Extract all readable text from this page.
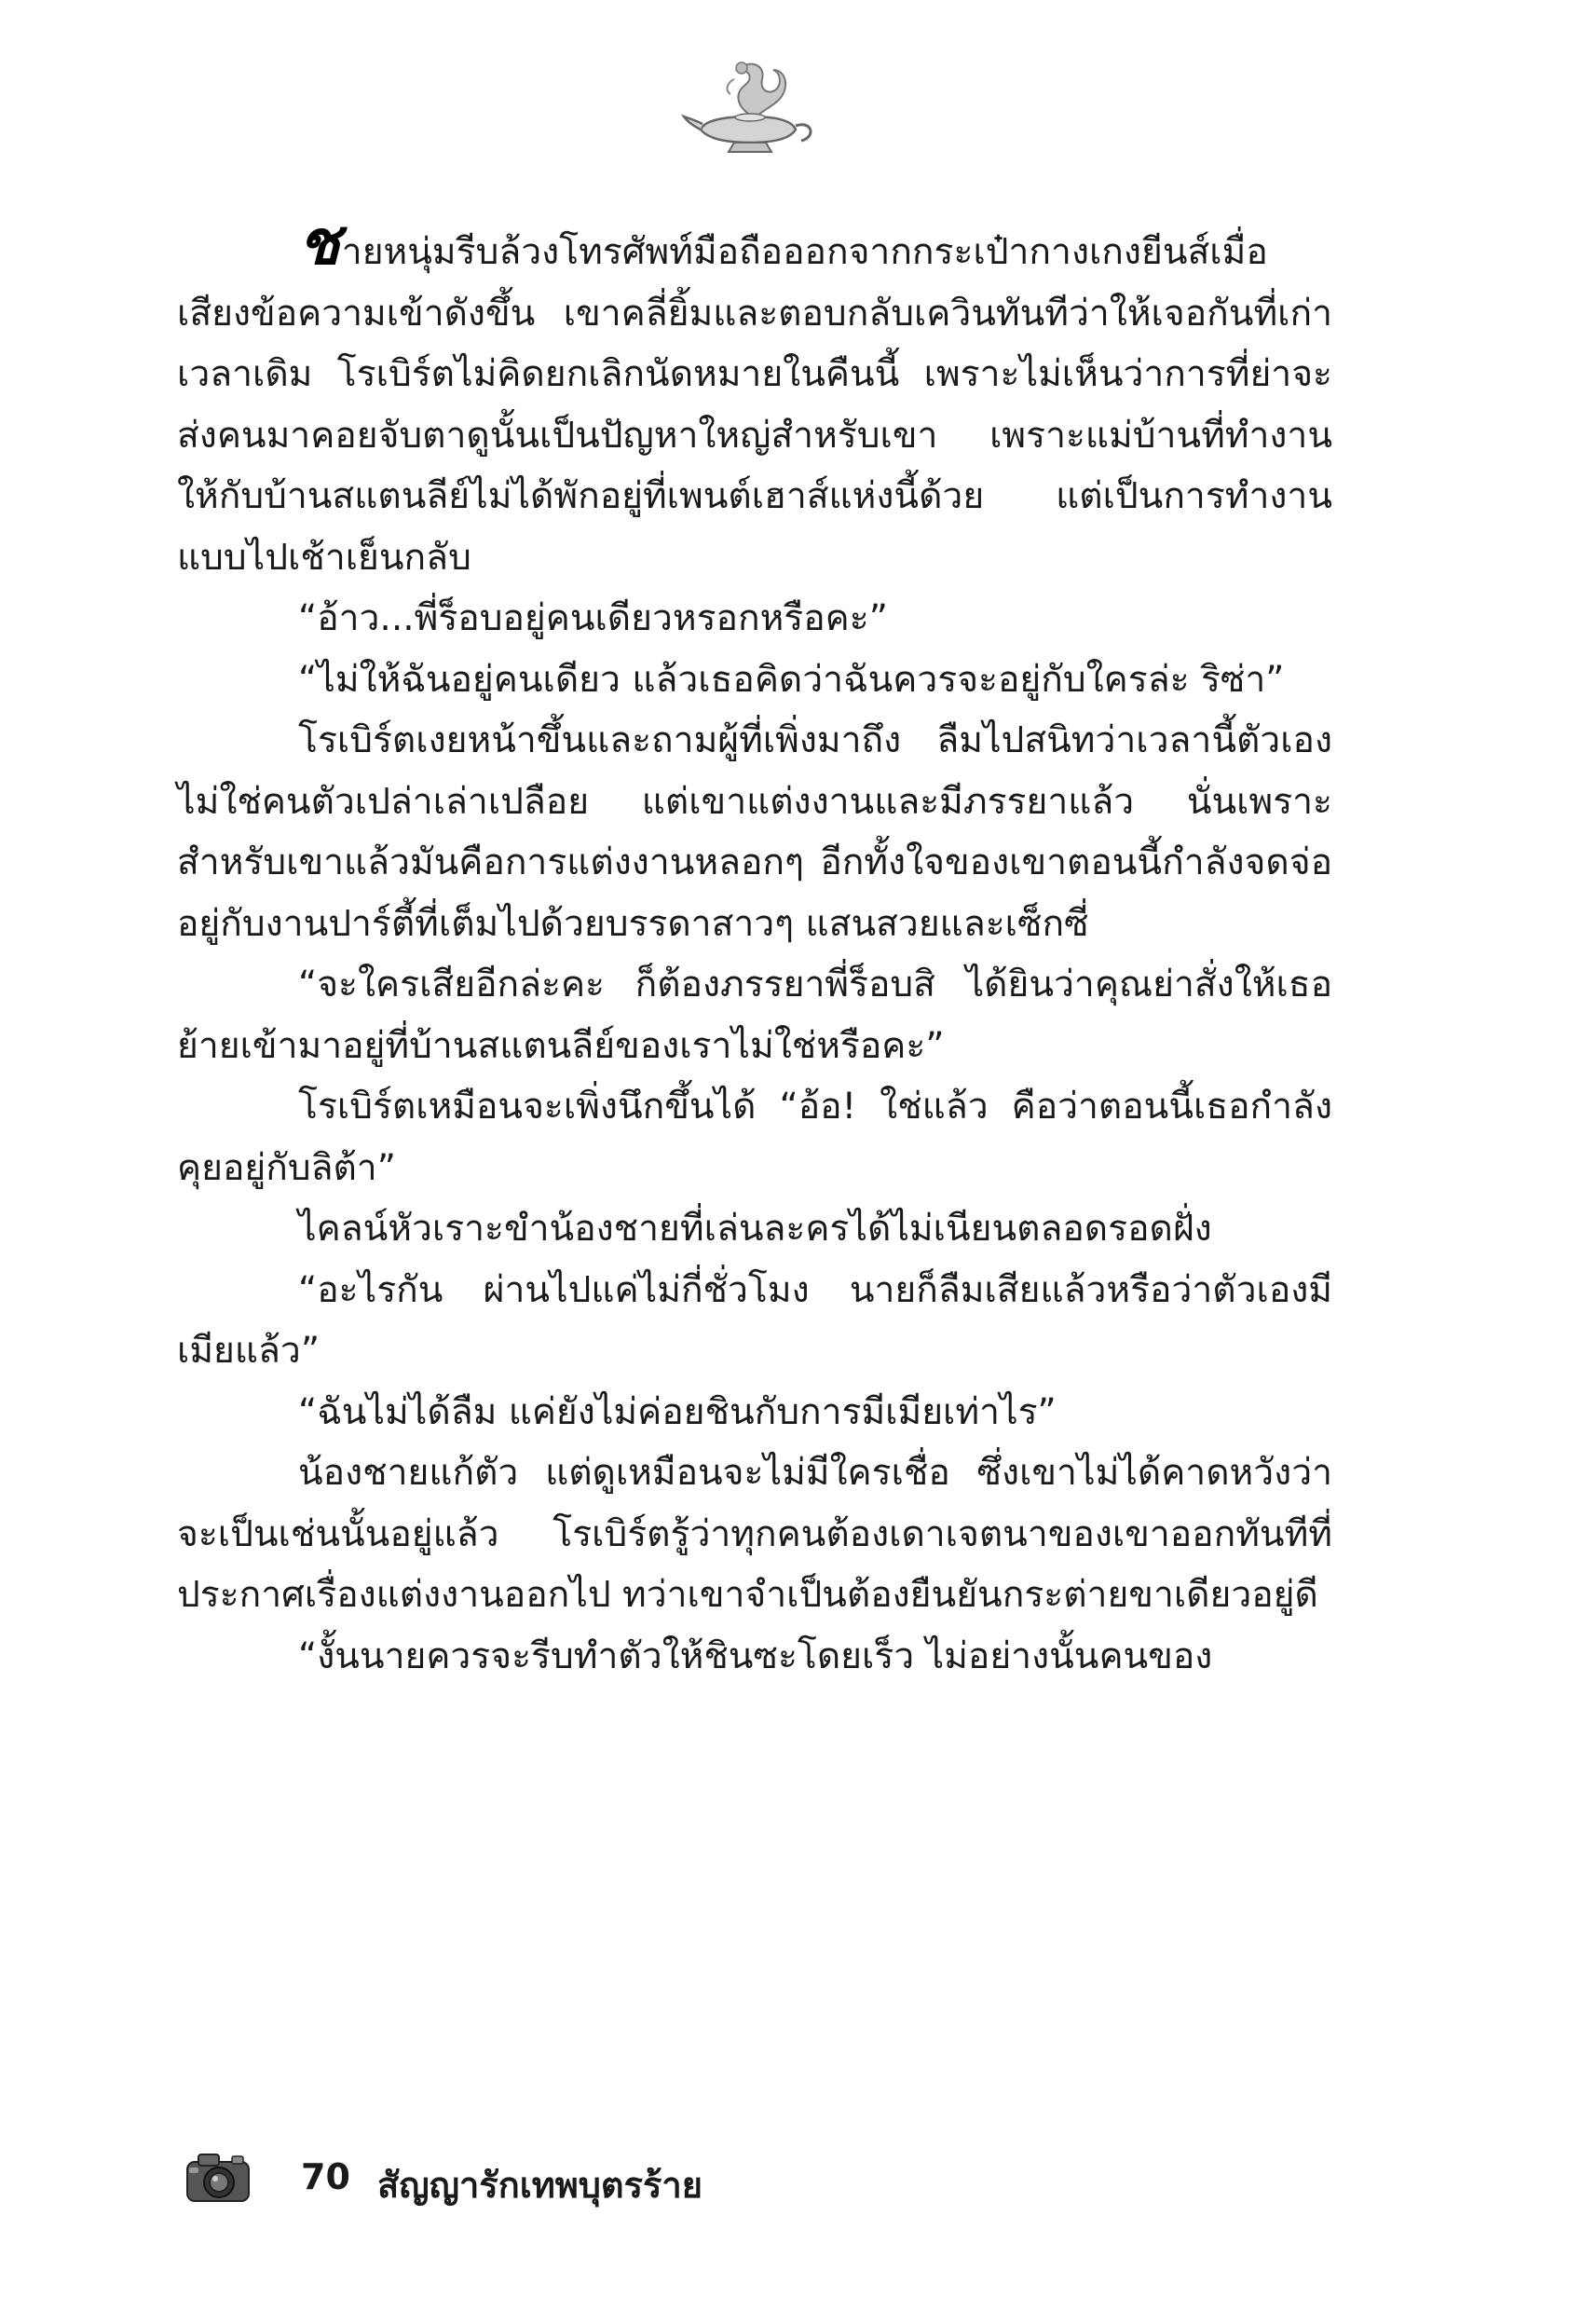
ชายหนุ่มรีบล้วงโทรศัพท์มือถือออกจากกระเป๋ากางเกงยีนส์เมื่อเสียงข้อความเข้าดังขึ้น เขาคลี่ยิ้มและตอบกลับเควินทันทีว่าให้เจอกันที่เก่าเวลาเดิม โรเบิร์ตไม่คิดยกเลิกนัดหมายในคืนนี้ เพราะไม่เห็นว่าการที่ย่าจะส่งคนมาคอยจับตาดูนั้นเป็นปัญหาใหญ่สำหรับเขา เพราะแม่บ้านที่ทำงานให้กับบ้านสแตนลีย์ไม่ได้พักอยู่ที่เพนต์เฮาส์แห่งนี้ด้วย แต่เป็นการทำงานแบบไปเช้าเย็นกลับ

“อ้าว...พี่ร็อบอยู่คนเดียวหรอกหรือคะ”

“ไม่ให้ฉันอยู่คนเดียว แล้วเธอคิดว่าฉันควรจะอยู่กับใครล่ะ ริซ่า”

โรเบิร์ตเงยหน้าขึ้นและถามผู้ที่เพิ่งมาถึง ลืมไปสนิทว่าเวลานี้ตัวเองไม่ใช่คนตัวเปล่าเล่าเปลือย แต่เขาแต่งงานและมีภรรยาแล้ว นั่นเพราะสำหรับเขาแล้วมันคือการแต่งงานหลอกๆ อีกทั้งใจของเขาตอนนี้กำลังจดจ่ออยู่กับงานปาร์ตี้ที่เต็มไปด้วยบรรดาสาวๆ แสนสวยและเซ็กซี่

“จะใครเสียอีกล่ะคะ ก็ต้องภรรยาพี่ร็อบสิ ได้ยินว่าคุณย่าสั่งให้เธอย้ายเข้ามาอยู่ที่บ้านสแตนลีย์ของเราไม่ใช่หรือคะ”

โรเบิร์ตเหมือนจะเพิ่งนึกขึ้นได้ “อ้อ! ใช่แล้ว คือว่าตอนนี้เธอกำลังคุยอยู่กับลิต้า”

ไคลน์หัวเราะขำน้องชายที่เล่นละครได้ไม่เนียนตลอดรอดฝั่ง

“อะไรกัน ผ่านไปแค่ไม่กี่ชั่วโมง นายก็ลืมเสียแล้วหรือว่าตัวเองมีเมียแล้ว”

“ฉันไม่ได้ลืม แค่ยังไม่ค่อยชินกับการมีเมียเท่าไร”

น้องชายแก้ตัว แต่ดูเหมือนจะไม่มีใครเชื่อ ซึ่งเขาไม่ได้คาดหวังว่าจะเป็นเช่นนั้นอยู่แล้ว โรเบิร์ตรู้ว่าทุกคนต้องเดาเจตนาของเขาออกทันทีที่ประกาศเรื่องแต่งงานออกไป ทว่าเขาจำเป็นต้องยืนยันกระต่ายขาเดียวอยู่ดี

“งั้นนายควรจะรีบทำตัวให้ชินซะโดยเร็ว ไม่อย่างนั้นคนของ

70 สัญญารักเทพบุตรร้าย
